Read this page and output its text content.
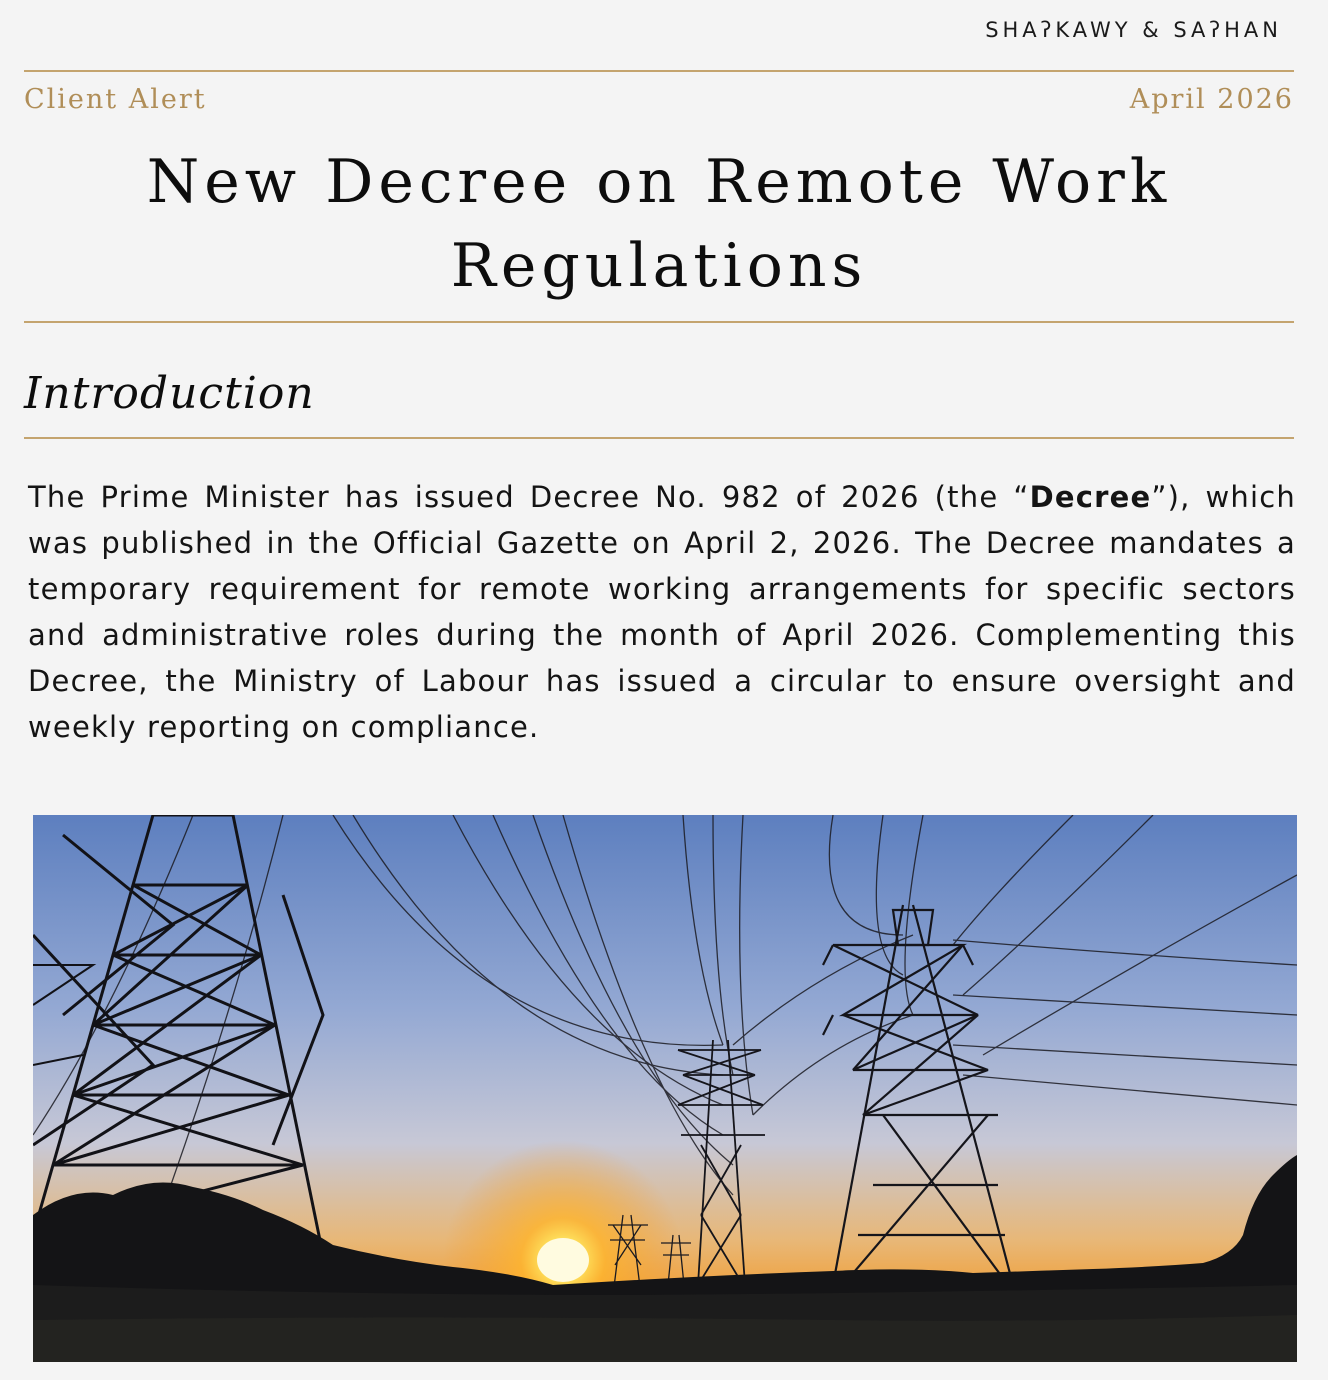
SHAʔKAWY & SAʔHAN
Client Alert	April 2026
New Decree on Remote Work
Regulations
Introduction

The Prime Minister has issued Decree No. 982 of 2026 (the “Decree”), which was published in the Official Gazette on April 2, 2026. The Decree mandates a temporary requirement for remote working arrangements for specific sectors and administrative roles during the month of April 2026. Complementing this Decree, the Ministry of Labour has issued a circular to ensure oversight and weekly reporting on compliance.
